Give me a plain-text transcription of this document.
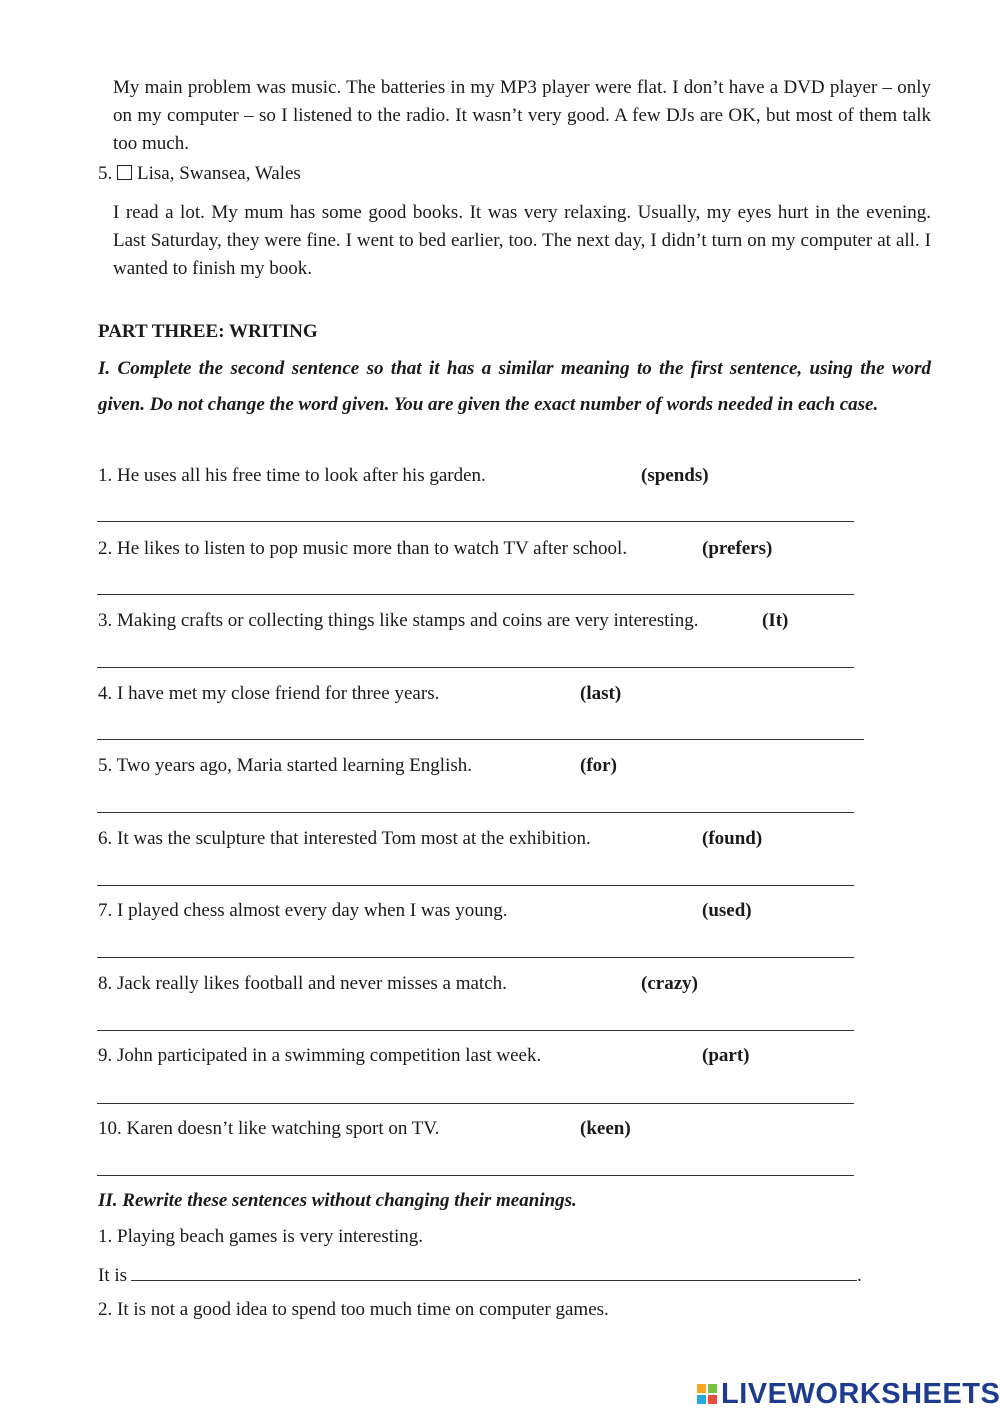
My main problem was music. The batteries in my MP3 player were flat. I don’t have a DVD player – only on my computer – so I listened to the radio. It wasn’t very good. A few DJs are OK, but most of them talk too much.

5. Lisa, Swansea, Wales

I read a lot. My mum has some good books. It was very relaxing. Usually, my eyes hurt in the evening. Last Saturday, they were fine. I went to bed earlier, too. The next day, I didn’t turn on my computer at all. I wanted to finish my book.

PART THREE: WRITING

I. Complete the second sentence so that it has a similar meaning to the first sentence, using the word given. Do not change the word given. You are given the exact number of words needed in each case.

1. He uses all his free time to look after his garden.	(spends)
2. He likes to listen to pop music more than to watch TV after school.	(prefers)
3. Making crafts or collecting things like stamps and coins are very interesting.	(It)
4. I have met my close friend for three years.	(last)
5. Two years ago, Maria started learning English.	(for)
6. It was the sculpture that interested Tom most at the exhibition.	(found)
7. I played chess almost every day when I was young.	(used)
8. Jack really likes football and never misses a match.	(crazy)
9. John participated in a swimming competition last week.	(part)
10. Karen doesn’t like watching sport on TV.	(keen)
II. Rewrite these sentences without changing their meanings.
1. Playing beach games is very interesting.
It is	.
2. It is not a good idea to spend too much time on computer games.
LIVEWORKSHEETS
